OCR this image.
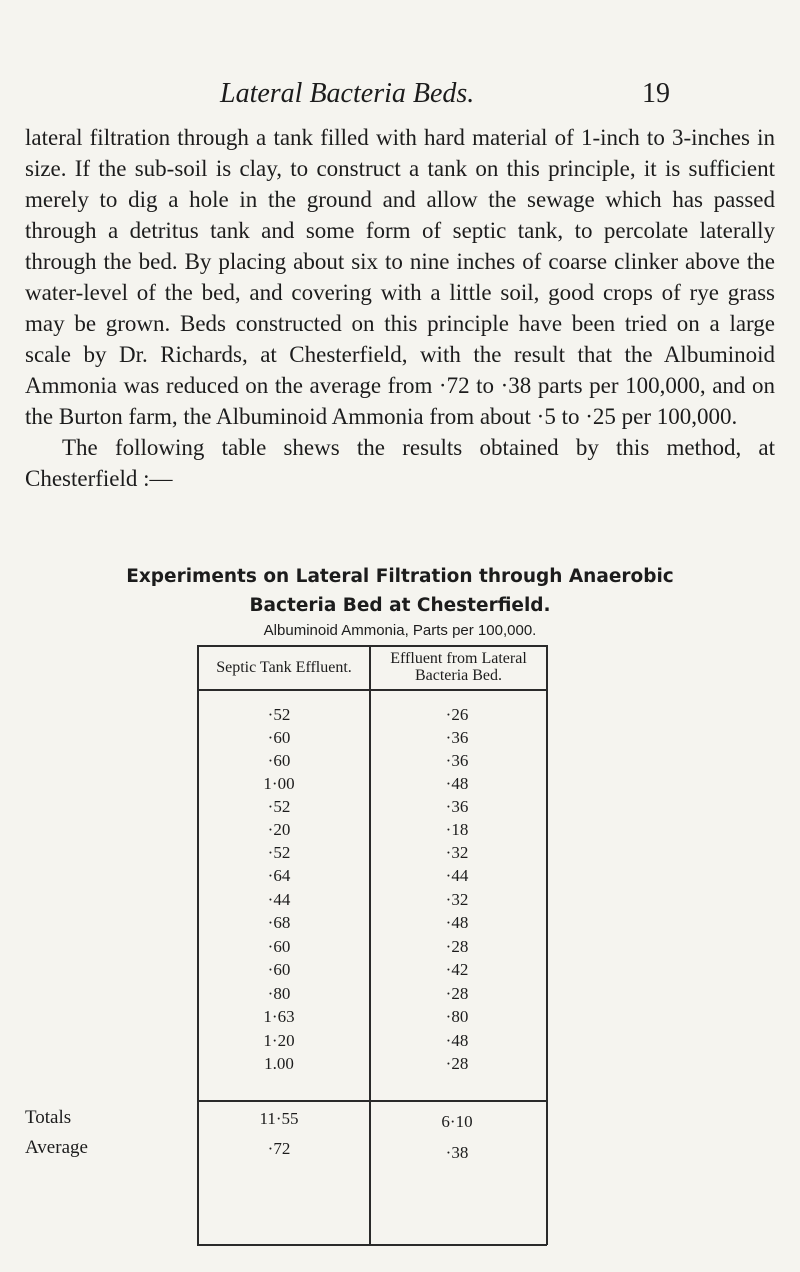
Lateral Bacteria Beds.	19

lateral filtration through a tank filled with hard material of 1-inch to 3-inches in size. If the sub-soil is clay, to construct a tank on this principle, it is sufficient merely to dig a hole in the ground and allow the sewage which has passed through a detritus tank and some form of septic tank, to percolate laterally through the bed. By placing about six to nine inches of coarse clinker above the water-level of the bed, and covering with a little soil, good crops of rye grass may be grown. Beds constructed on this principle have been tried on a large scale by Dr. Richards, at Chesterfield, with the result that the Albuminoid Ammonia was reduced on the average from ·72 to ·38 parts per 100,000, and on the Burton farm, the Albuminoid Ammonia from about ·5 to ·25 per 100,000.

The following table shews the results obtained by this method, at Chesterfield :—

Experiments on Lateral Filtration through Anaerobic
Bacteria Bed at Chesterfield.
Albuminoid Ammonia, Parts per 100,000.
Septic Tank Effluent.
Effluent from Lateral
Bacteria Bed.
·52	·26
·60	·36
·60	·36
1·00	·48
·52	·36
·20	·18
·52	·32
·64	·44
·44	·32
·68	·48
·60	·28
·60	·42
·80	·28
1·63	·80
1·20	·48
1.00	·28
Totals	11·55	6·10
Average	·72	·38
